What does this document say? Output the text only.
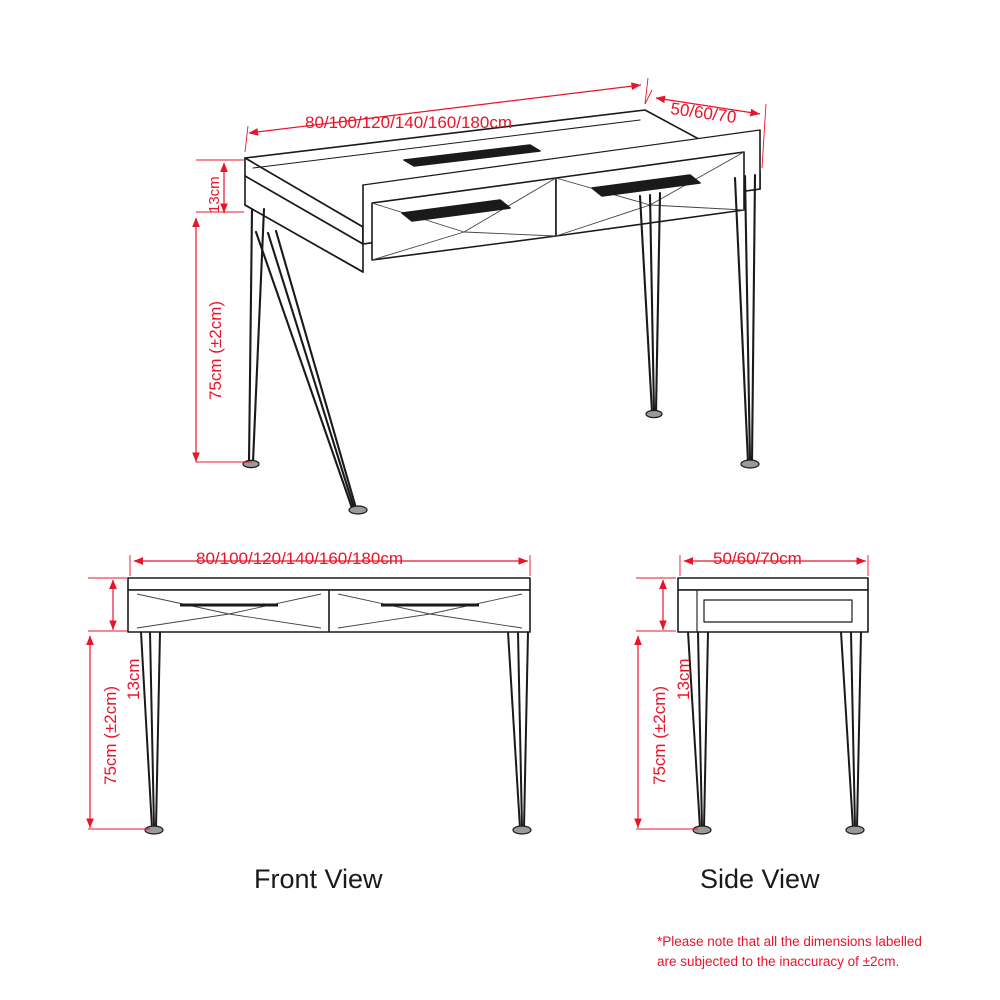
80/100/120/140/160/180cm	50/60/70
13cm
75cm (±2cm)
80/100/120/140/160/180cm
13cm
75cm (±2cm)
Front View
50/60/70cm
13cm
75cm (±2cm)
Side View
*Please note that all the dimensions labelled
are subjected to the inaccuracy of ±2cm.
